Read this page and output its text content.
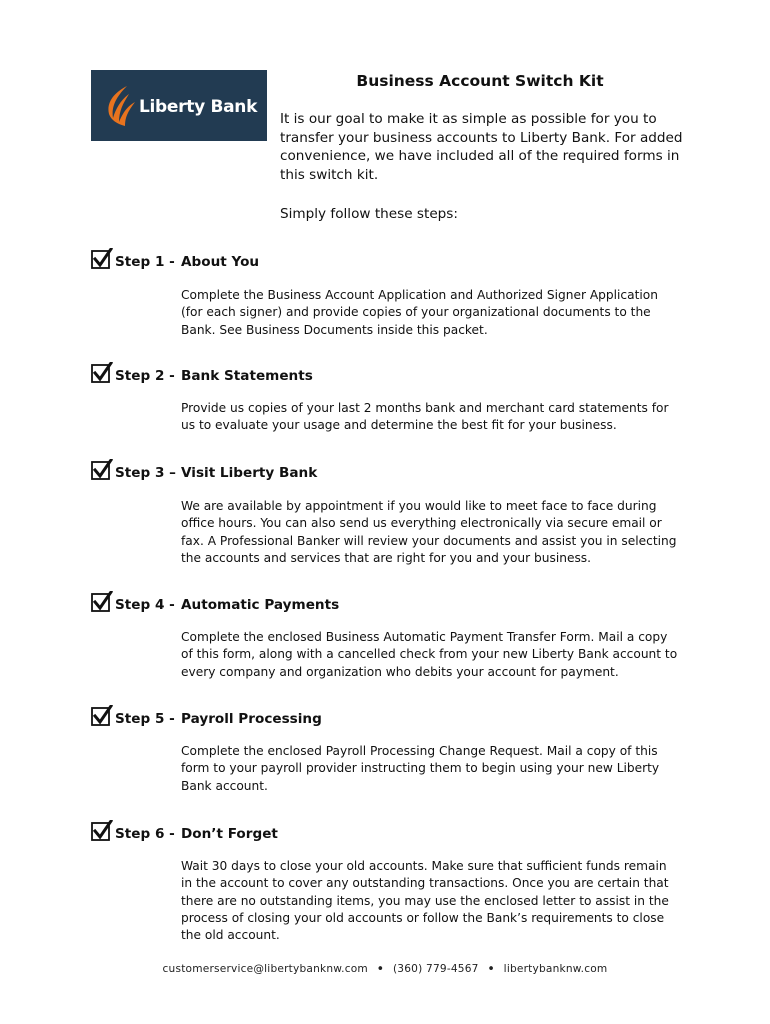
Liberty Bank
Business Account Switch Kit
It is our goal to make it as simple as possible for you to transfer your business accounts to Liberty Bank. For added convenience, we have included all of the required forms in this switch kit.
Simply follow these steps:
Step 1 - About You
Complete the Business Account Application and Authorized Signer Application (for each signer) and provide copies of your organizational documents to the Bank. See Business Documents inside this packet.
Step 2 - Bank Statements
Provide us copies of your last 2 months bank and merchant card statements for us to evaluate your usage and determine the best fit for your business.
Step 3 – Visit Liberty Bank
We are available by appointment if you would like to meet face to face during office hours. You can also send us everything electronically via secure email or fax. A Professional Banker will review your documents and assist you in selecting the accounts and services that are right for you and your business.
Step 4 - Automatic Payments
Complete the enclosed Business Automatic Payment Transfer Form. Mail a copy of this form, along with a cancelled check from your new Liberty Bank account to every company and organization who debits your account for payment.
Step 5 - Payroll Processing
Complete the enclosed Payroll Processing Change Request. Mail a copy of this form to your payroll provider instructing them to begin using your new Liberty Bank account.
Step 6 - Don’t Forget
Wait 30 days to close your old accounts. Make sure that sufficient funds remain in the account to cover any outstanding transactions. Once you are certain that there are no outstanding items, you may use the enclosed letter to assist in the process of closing your old accounts or follow the Bank’s requirements to close the old account.
customerservice@libertybanknw.com • (360) 779-4567 • libertybanknw.com
